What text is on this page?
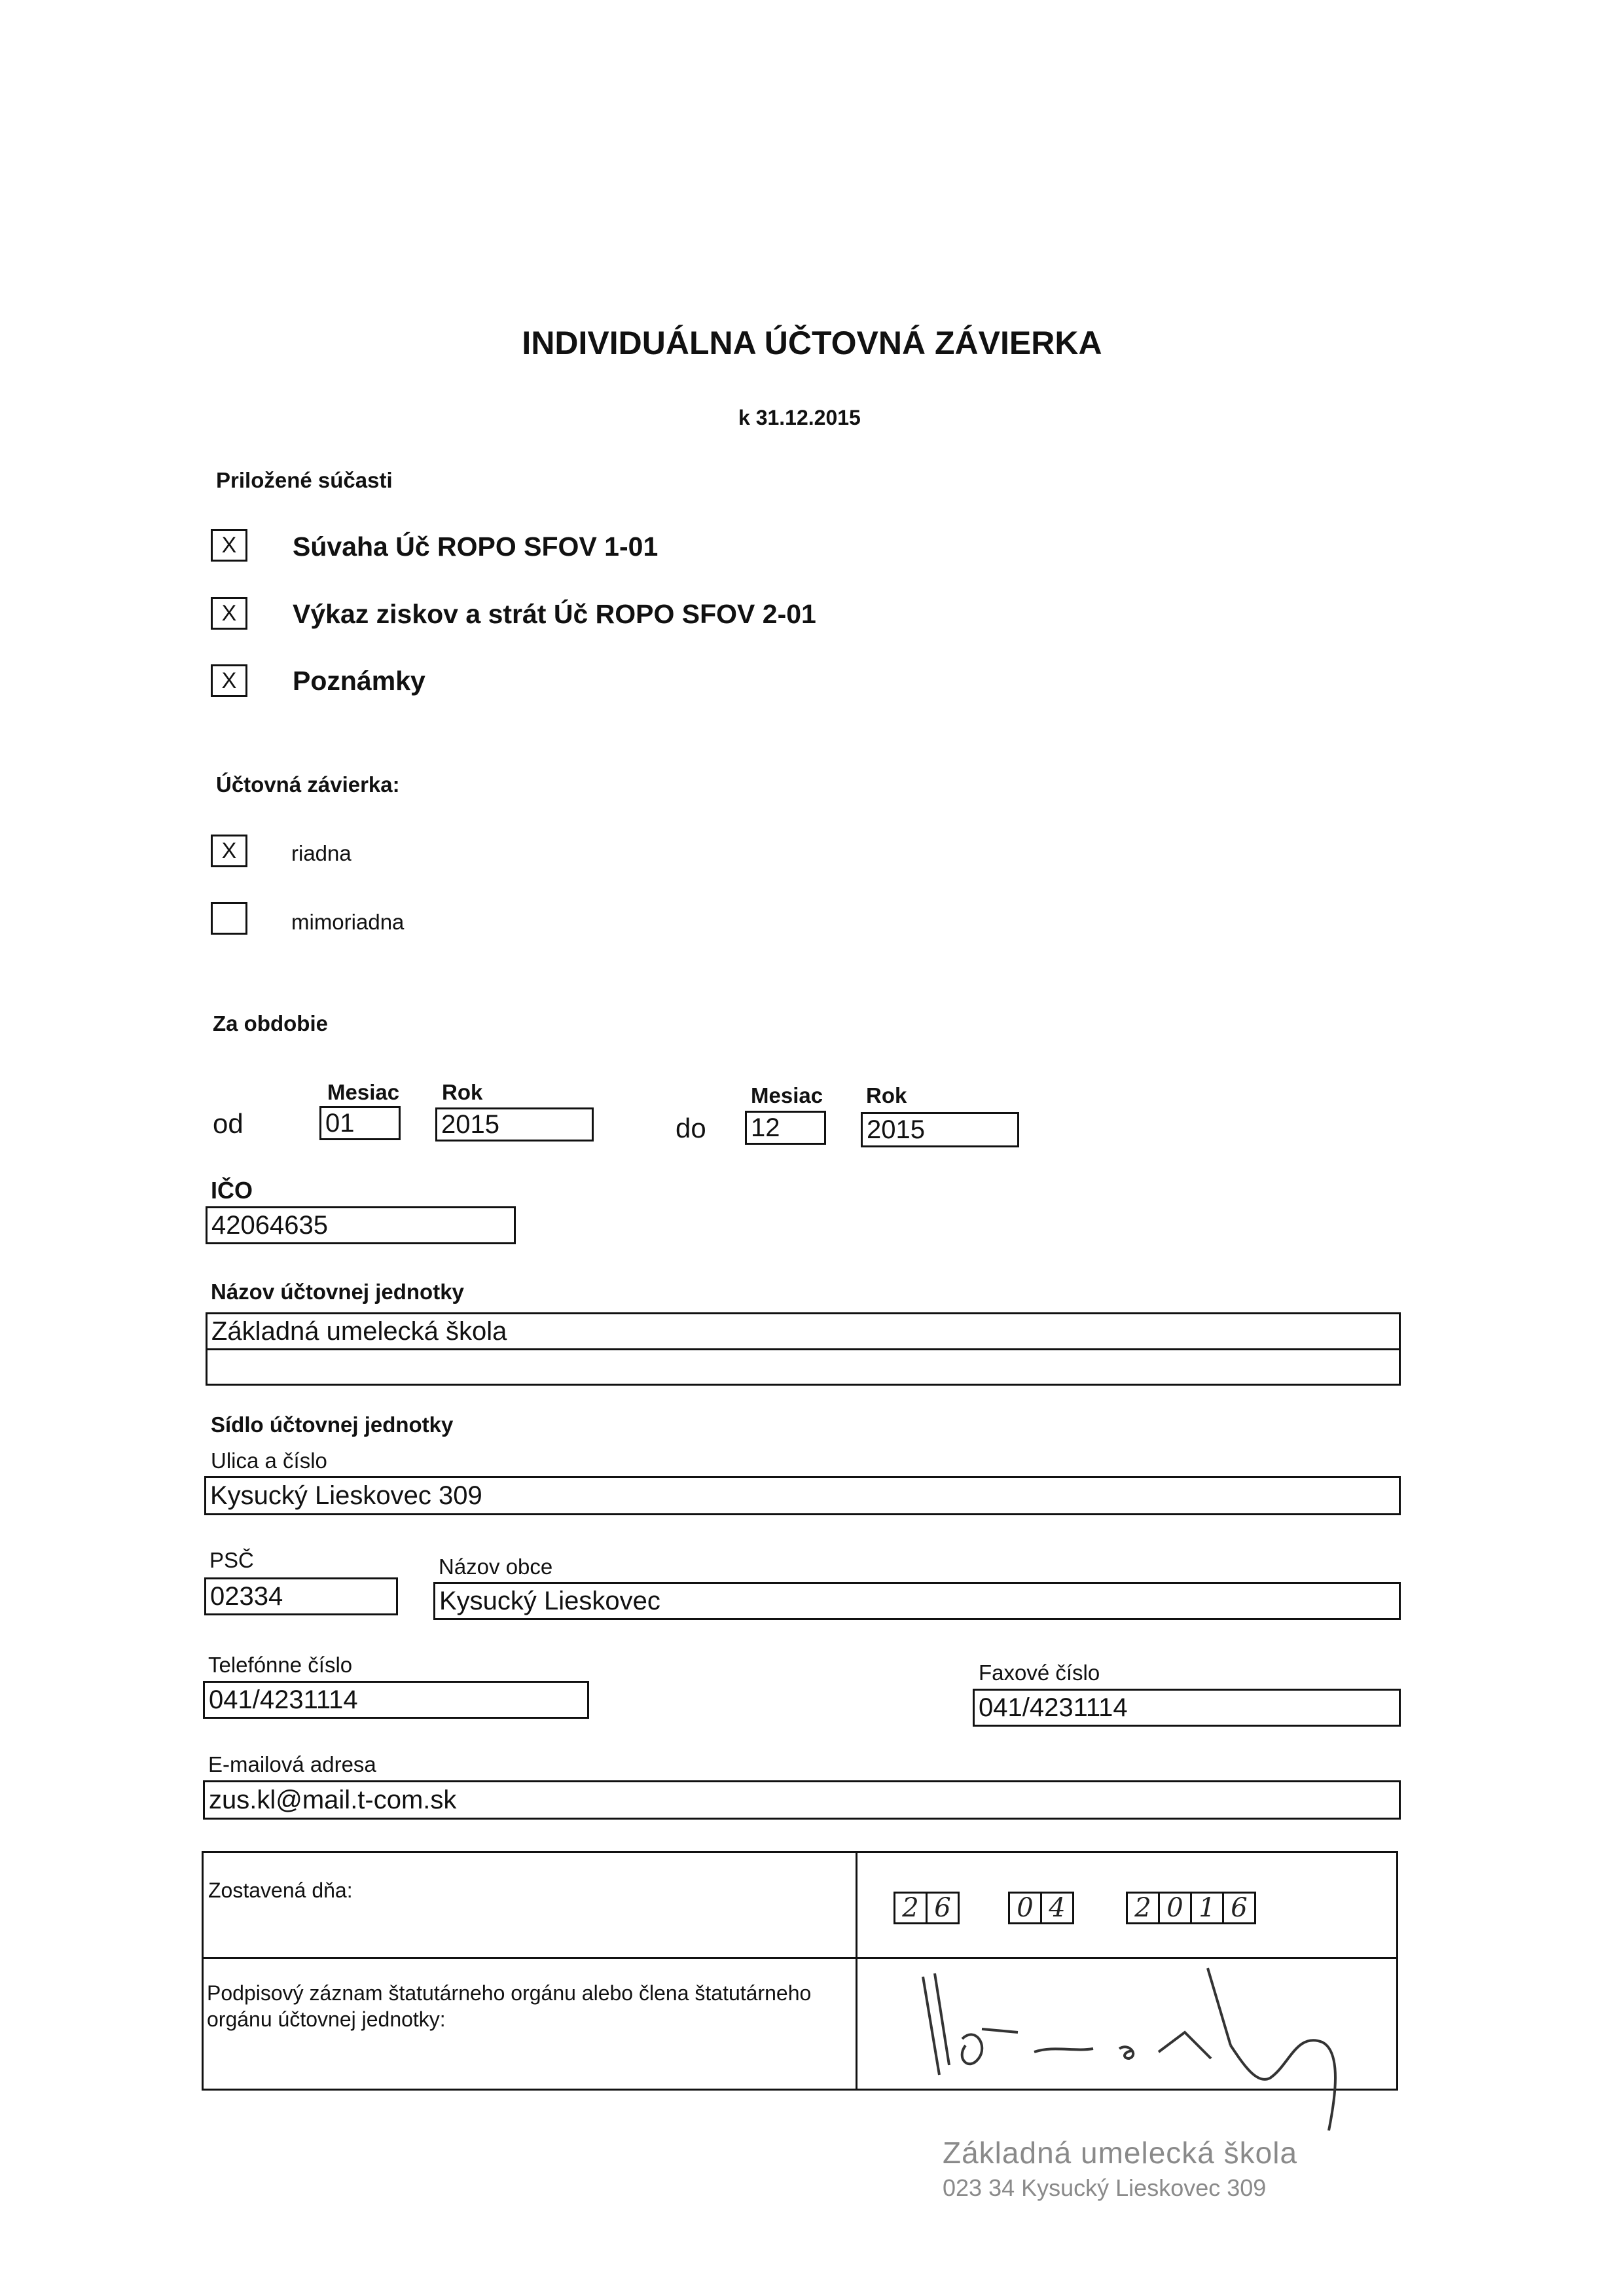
INDIVIDUÁLNA ÚČTOVNÁ ZÁVIERKA
k 31.12.2015
Priložené súčasti
X	Súvaha Úč ROPO SFOV 1-01
X	Výkaz ziskov a strát Úč ROPO SFOV 2-01
X	Poznámky
Účtovná závierka:
X	riadna
mimoriadna
Za obdobie
Mesiac Rok
od	01	2015
Mesiac Rok
do 12	2015
IČO
42064635
Názov účtovnej jednotky
Základná umelecká škola
Sídlo účtovnej jednotky
Ulica a číslo
Kysucký Lieskovec 309
PSČ
02334
Názov obce
Kysucký Lieskovec
Telefónne číslo
041/4231114
Faxové číslo
041/4231114
E-mailová adresa
zus.kl@mail.t-com.sk
Zostavená dňa:
2 6	0 4	2 0 1 6
Podpisový záznam štatutárneho orgánu alebo člena štatutárneho orgánu účtovnej jednotky:
Základná umelecká škola
023 34 Kysucký Lieskovec 309
